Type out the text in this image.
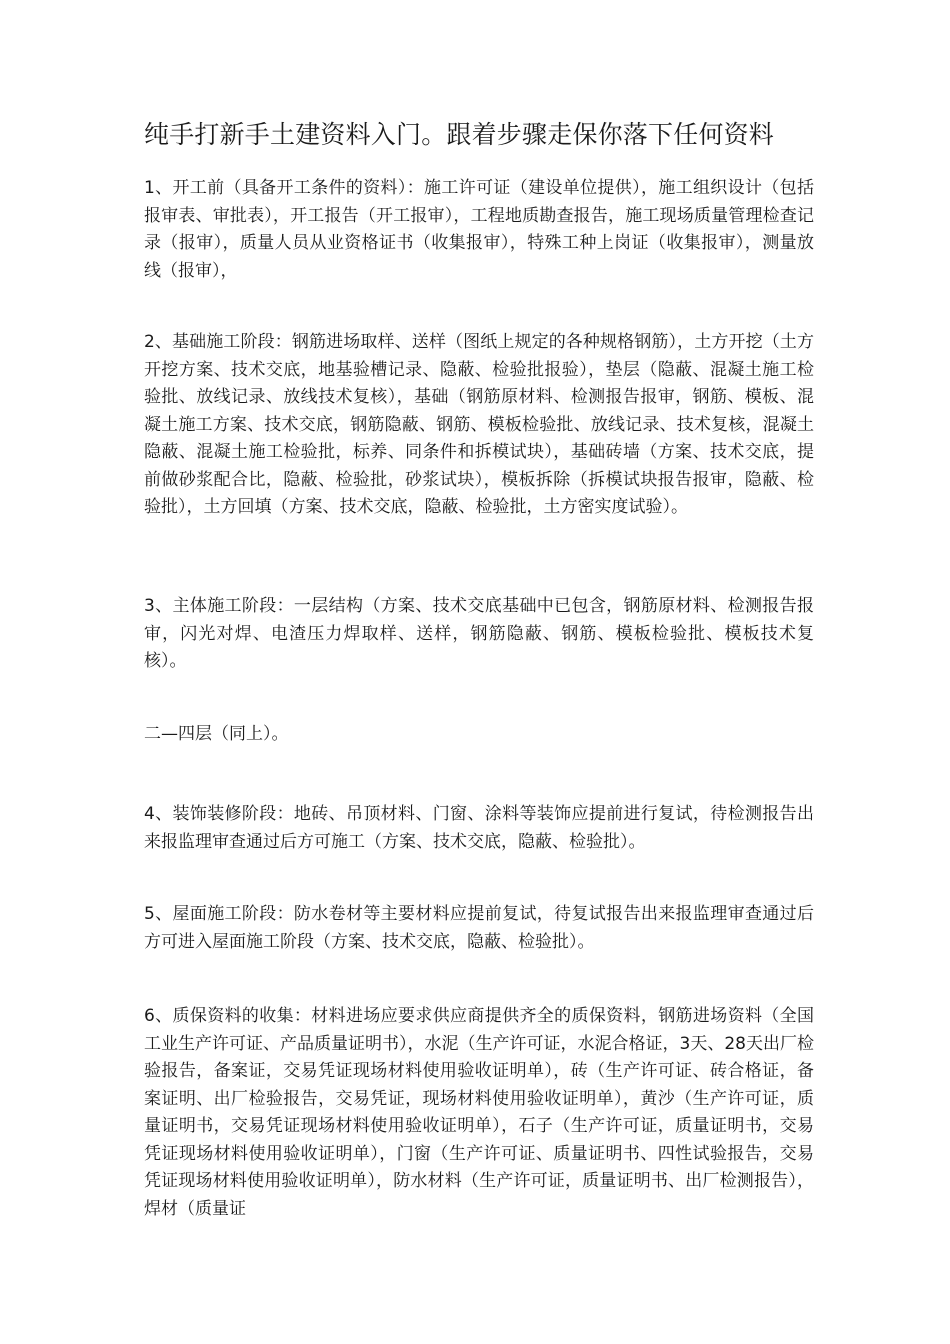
纯手打新手土建资料入门。跟着步骤走保你落下任何资料
1、开工前（具备开工条件的资料）：施工许可证（建设单位提供），施工组织设计（包括报审表、审批表），开工报告（开工报审），工程地质勘查报告，施工现场质量管理检查记录（报审），质量人员从业资格证书（收集报审），特殊工种上岗证（收集报审），测量放线（报审），
2、基础施工阶段：钢筋进场取样、送样（图纸上规定的各种规格钢筋），土方开挖（土方开挖方案、技术交底，地基验槽记录、隐蔽、检验批报验），垫层（隐蔽、混凝土施工检验批、放线记录、放线技术复核），基础（钢筋原材料、检测报告报审，钢筋、模板、混凝土施工方案、技术交底，钢筋隐蔽、钢筋、模板检验批、放线记录、技术复核，混凝土隐蔽、混凝土施工检验批，标养、同条件和拆模试块），基础砖墙（方案、技术交底，提前做砂浆配合比，隐蔽、检验批，砂浆试块），模板拆除（拆模试块报告报审，隐蔽、检验批），土方回填（方案、技术交底，隐蔽、检验批，土方密实度试验）。
3、主体施工阶段：一层结构（方案、技术交底基础中已包含，钢筋原材料、检测报告报审，闪光对焊、电渣压力焊取样、送样，钢筋隐蔽、钢筋、模板检验批、模板技术复核）。
二—四层（同上）。
4、装饰装修阶段：地砖、吊顶材料、门窗、涂料等装饰应提前进行复试，待检测报告出来报监理审查通过后方可施工（方案、技术交底，隐蔽、检验批）。
5、屋面施工阶段：防水卷材等主要材料应提前复试，待复试报告出来报监理审查通过后方可进入屋面施工阶段（方案、技术交底，隐蔽、检验批）。
6、质保资料的收集：材料进场应要求供应商提供齐全的质保资料，钢筋进场资料（全国工业生产许可证、产品质量证明书），水泥（生产许可证，水泥合格证，3天、28天出厂检验报告，备案证，交易凭证现场材料使用验收证明单），砖（生产许可证、砖合格证，备案证明、出厂检验报告，交易凭证，现场材料使用验收证明单），黄沙（生产许可证，质量证明书，交易凭证现场材料使用验收证明单），石子（生产许可证，质量证明书，交易凭证现场材料使用验收证明单），门窗（生产许可证、质量证明书、四性试验报告，交易凭证现场材料使用验收证明单），防水材料（生产许可证，质量证明书、出厂检测报告），焊材（质量证
